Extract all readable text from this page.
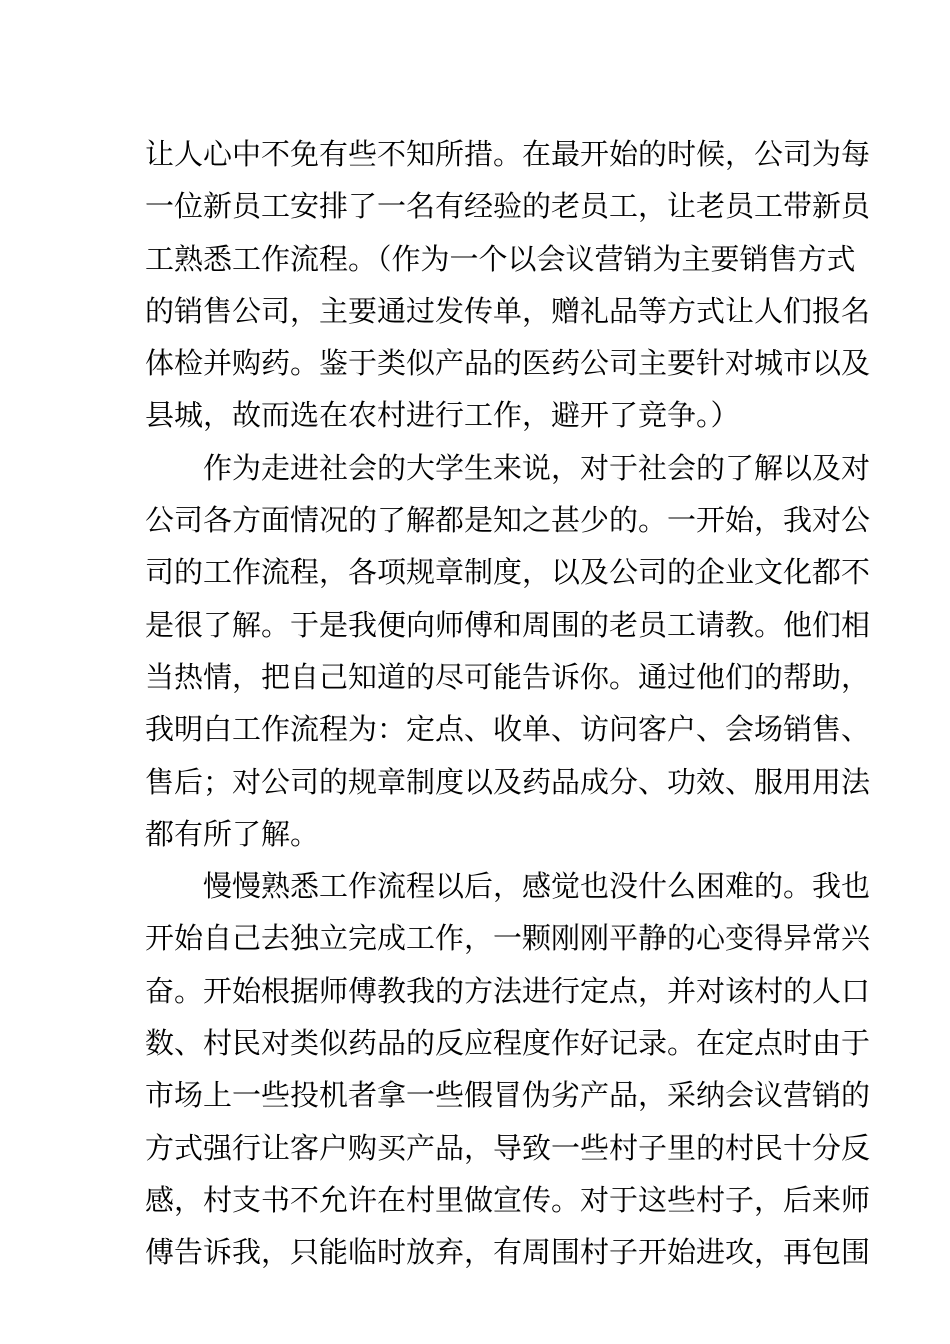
让人心中不免有些不知所措。在最开始的时候，公司为每
一位新员工安排了一名有经验的老员工，让老员工带新员
工熟悉工作流程。（作为一个以会议营销为主要销售方式
的销售公司，主要通过发传单，赠礼品等方式让人们报名
体检并购药。鉴于类似产品的医药公司主要针对城市以及
县城，故而选在农村进行工作，避开了竞争。）
作为走进社会的大学生来说，对于社会的了解以及对
公司各方面情况的了解都是知之甚少的。一开始，我对公
司的工作流程，各项规章制度，以及公司的企业文化都不
是很了解。于是我便向师傅和周围的老员工请教。他们相
当热情，把自己知道的尽可能告诉你。通过他们的帮助，
我明白工作流程为：定点、收单、访问客户、会场销售、
售后；对公司的规章制度以及药品成分、功效、服用用法
都有所了解。
慢慢熟悉工作流程以后，感觉也没什么困难的。我也
开始自己去独立完成工作，一颗刚刚平静的心变得异常兴
奋。开始根据师傅教我的方法进行定点，并对该村的人口
数、村民对类似药品的反应程度作好记录。在定点时由于
市场上一些投机者拿一些假冒伪劣产品，采纳会议营销的
方式强行让客户购买产品，导致一些村子里的村民十分反
感，村支书不允许在村里做宣传。对于这些村子，后来师
傅告诉我，只能临时放弃，有周围村子开始进攻，再包围
